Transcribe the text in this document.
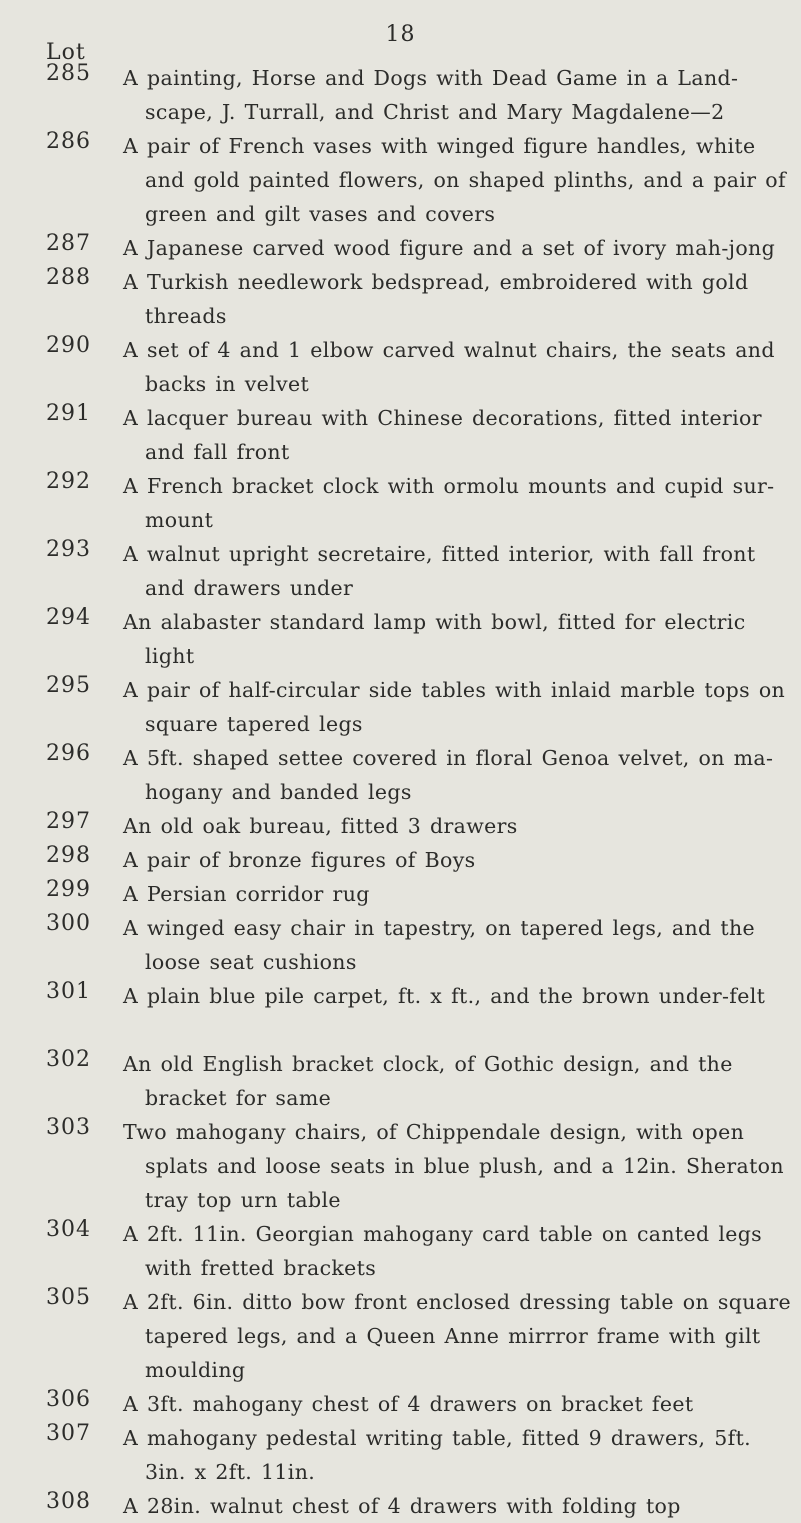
18
Lot
285 A painting, Horse and Dogs with Dead Game in a Land-scape, J. Turrall, and Christ and Mary Magdalene—2
286 A pair of French vases with winged figure handles, white and gold painted flowers, on shaped plinths, and a pair of green and gilt vases and covers
287 A Japanese carved wood figure and a set of ivory mah-jong
288 A Turkish needlework bedspread, embroidered with gold threads
290 A set of 4 and 1 elbow carved walnut chairs, the seats and backs in velvet
291 A lacquer bureau with Chinese decorations, fitted interior and fall front
292 A French bracket clock with ormolu mounts and cupid sur-mount
293 A walnut upright secretaire, fitted interior, with fall front and drawers under
294 An alabaster standard lamp with bowl, fitted for electric light
295 A pair of half-circular side tables with inlaid marble tops on square tapered legs
296 A 5ft. shaped settee covered in floral Genoa velvet, on ma-hogany and banded legs
297 An old oak bureau, fitted 3 drawers
298 A pair of bronze figures of Boys
299 A Persian corridor rug
300 A winged easy chair in tapestry, on tapered legs, and the loose seat cushions
301 A plain blue pile carpet, ft. x ft., and the brown under-felt
302 An old English bracket clock, of Gothic design, and the bracket for same
303 Two mahogany chairs, of Chippendale design, with open splats and loose seats in blue plush, and a 12in. Sheraton tray top urn table
304 A 2ft. 11in. Georgian mahogany card table on canted legs with fretted brackets
305 A 2ft. 6in. ditto bow front enclosed dressing table on square tapered legs, and a Queen Anne mirrror frame with gilt moulding
306 A 3ft. mahogany chest of 4 drawers on bracket feet
307 A mahogany pedestal writing table, fitted 9 drawers, 5ft. 3in. x 2ft. 11in.
308 A 28in. walnut chest of 4 drawers with folding top
